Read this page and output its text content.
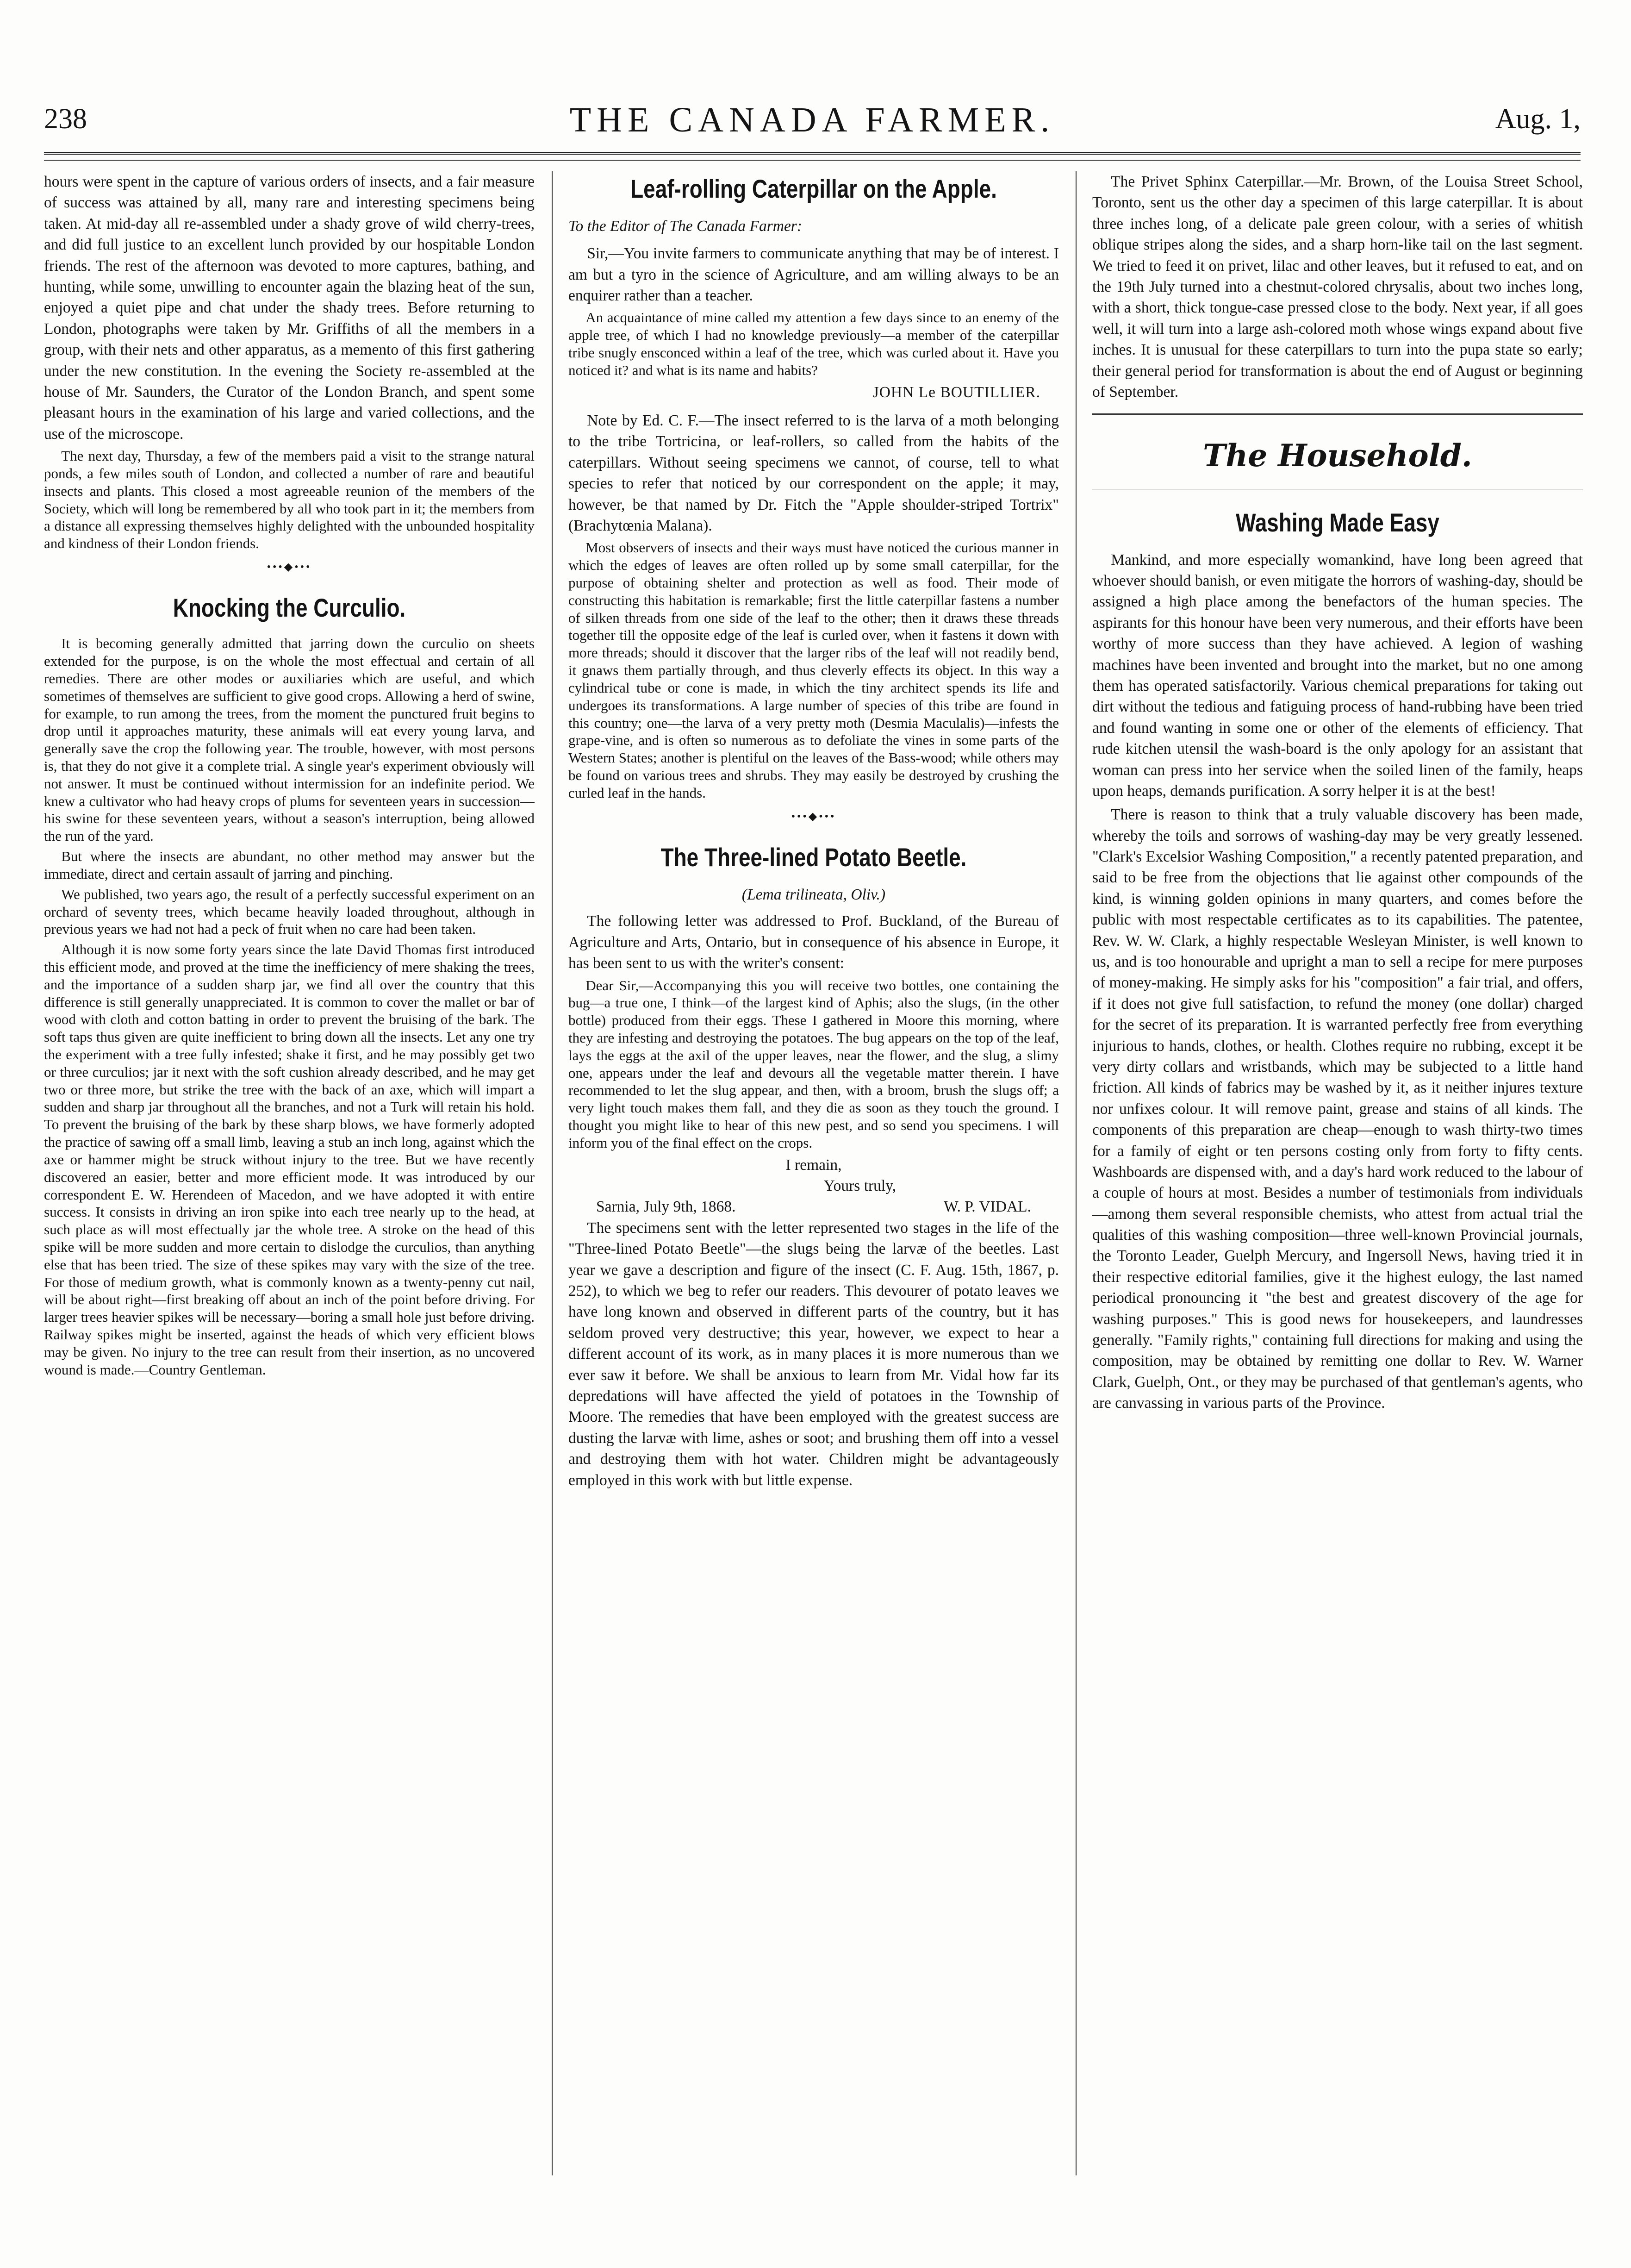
238	THE CANADA FARMER.	Aug. 1,

hours were spent in the capture of various orders of insects, and a fair measure of success was attained by all, many rare and interesting specimens being taken. At mid-day all re-assembled under a shady grove of wild cherry-trees, and did full justice to an excellent lunch provided by our hospitable London friends. The rest of the afternoon was devoted to more captures, bathing, and hunting, while some, unwilling to encounter again the blazing heat of the sun, enjoyed a quiet pipe and chat under the shady trees. Before returning to London, photographs were taken by Mr. Griffiths of all the members in a group, with their nets and other apparatus, as a memento of this first gathering under the new constitution. In the evening the Society re-assembled at the house of Mr. Saunders, the Curator of the London Branch, and spent some pleasant hours in the examination of his large and varied collections, and the use of the microscope.

The next day, Thursday, a few of the members paid a visit to the strange natural ponds, a few miles south of London, and collected a number of rare and beautiful insects and plants. This closed a most agreeable reunion of the members of the Society, which will long be remembered by all who took part in it; the members from a distance all expressing themselves highly delighted with the unbounded hospitality and kindness of their London friends.

•••◆•••
Knocking the Curculio.

It is becoming generally admitted that jarring down the curculio on sheets extended for the purpose, is on the whole the most effectual and certain of all remedies. There are other modes or auxiliaries which are useful, and which sometimes of themselves are sufficient to give good crops. Allowing a herd of swine, for example, to run among the trees, from the moment the punctured fruit begins to drop until it approaches maturity, these animals will eat every young larva, and generally save the crop the following year. The trouble, however, with most persons is, that they do not give it a complete trial. A single year's experiment obviously will not answer. It must be continued without intermission for an indefinite period. We knew a cultivator who had heavy crops of plums for seventeen years in succession—his swine for these seventeen years, without a season's interruption, being allowed the run of the yard.

But where the insects are abundant, no other method may answer but the immediate, direct and certain assault of jarring and pinching.

We published, two years ago, the result of a perfectly successful experiment on an orchard of seventy trees, which became heavily loaded throughout, although in previous years we had not had a peck of fruit when no care had been taken.

Although it is now some forty years since the late David Thomas first introduced this efficient mode, and proved at the time the inefficiency of mere shaking the trees, and the importance of a sudden sharp jar, we find all over the country that this difference is still generally unappreciated. It is common to cover the mallet or bar of wood with cloth and cotton batting in order to prevent the bruising of the bark. The soft taps thus given are quite inefficient to bring down all the insects. Let any one try the experiment with a tree fully infested; shake it first, and he may possibly get two or three curculios; jar it next with the soft cushion already described, and he may get two or three more, but strike the tree with the back of an axe, which will impart a sudden and sharp jar throughout all the branches, and not a Turk will retain his hold. To prevent the bruising of the bark by these sharp blows, we have formerly adopted the practice of sawing off a small limb, leaving a stub an inch long, against which the axe or hammer might be struck without injury to the tree. But we have recently discovered an easier, better and more efficient mode. It was introduced by our correspondent E. W. Herendeen of Macedon, and we have adopted it with entire success. It consists in driving an iron spike into each tree nearly up to the head, at such place as will most effectually jar the whole tree. A stroke on the head of this spike will be more sudden and more certain to dislodge the curculios, than anything else that has been tried. The size of these spikes may vary with the size of the tree. For those of medium growth, what is commonly known as a twenty-penny cut nail, will be about right—first breaking off about an inch of the point before driving. For larger trees heavier spikes will be necessary—boring a small hole just before driving. Railway spikes might be inserted, against the heads of which very efficient blows may be given. No injury to the tree can result from their insertion, as no uncovered wound is made.—Country Gentleman.

Leaf-rolling Caterpillar on the Apple.
To the Editor of The Canada Farmer:

Sir,—You invite farmers to communicate anything that may be of interest. I am but a tyro in the science of Agriculture, and am willing always to be an enquirer rather than a teacher.

An acquaintance of mine called my attention a few days since to an enemy of the apple tree, of which I had no knowledge previously—a member of the caterpillar tribe snugly ensconced within a leaf of the tree, which was curled about it. Have you noticed it? and what is its name and habits?

JOHN Le BOUTILLIER.

Note by Ed. C. F.—The insect referred to is the larva of a moth belonging to the tribe Tortricina, or leaf-rollers, so called from the habits of the caterpillars. Without seeing specimens we cannot, of course, tell to what species to refer that noticed by our correspondent on the apple; it may, however, be that named by Dr. Fitch the "Apple shoulder-striped Tortrix" (Brachytœnia Malana).

Most observers of insects and their ways must have noticed the curious manner in which the edges of leaves are often rolled up by some small caterpillar, for the purpose of obtaining shelter and protection as well as food. Their mode of constructing this habitation is remarkable; first the little caterpillar fastens a number of silken threads from one side of the leaf to the other; then it draws these threads together till the opposite edge of the leaf is curled over, when it fastens it down with more threads; should it discover that the larger ribs of the leaf will not readily bend, it gnaws them partially through, and thus cleverly effects its object. In this way a cylindrical tube or cone is made, in which the tiny architect spends its life and undergoes its transformations. A large number of species of this tribe are found in this country; one—the larva of a very pretty moth (Desmia Maculalis)—infests the grape-vine, and is often so numerous as to defoliate the vines in some parts of the Western States; another is plentiful on the leaves of the Bass-wood; while others may be found on various trees and shrubs. They may easily be destroyed by crushing the curled leaf in the hands.

•••◆•••
The Three-lined Potato Beetle.
(Lema trilineata, Oliv.)

The following letter was addressed to Prof. Buckland, of the Bureau of Agriculture and Arts, Ontario, but in consequence of his absence in Europe, it has been sent to us with the writer's consent:

Dear Sir,—Accompanying this you will receive two bottles, one containing the bug—a true one, I think—of the largest kind of Aphis; also the slugs, (in the other bottle) produced from their eggs. These I gathered in Moore this morning, where they are infesting and destroying the potatoes. The bug appears on the top of the leaf, lays the eggs at the axil of the upper leaves, near the flower, and the slug, a slimy one, appears under the leaf and devours all the vegetable matter therein. I have recommended to let the slug appear, and then, with a broom, brush the slugs off; a very light touch makes them fall, and they die as soon as they touch the ground. I thought you might like to hear of this new pest, and so send you specimens. I will inform you of the final effect on the crops.

I remain,
Yours truly,
Sarnia, July 9th, 1868.	W. P. VIDAL.

The specimens sent with the letter represented two stages in the life of the "Three-lined Potato Beetle"—the slugs being the larvæ of the beetles. Last year we gave a description and figure of the insect (C. F. Aug. 15th, 1867, p. 252), to which we beg to refer our readers. This devourer of potato leaves we have long known and observed in different parts of the country, but it has seldom proved very destructive; this year, however, we expect to hear a different account of its work, as in many places it is more numerous than we ever saw it before. We shall be anxious to learn from Mr. Vidal how far its depredations will have affected the yield of potatoes in the Township of Moore. The remedies that have been employed with the greatest success are dusting the larvæ with lime, ashes or soot; and brushing them off into a vessel and destroying them with hot water. Children might be advantageously employed in this work with but little expense.

The Privet Sphinx Caterpillar.—Mr. Brown, of the Louisa Street School, Toronto, sent us the other day a specimen of this large caterpillar. It is about three inches long, of a delicate pale green colour, with a series of whitish oblique stripes along the sides, and a sharp horn-like tail on the last segment. We tried to feed it on privet, lilac and other leaves, but it refused to eat, and on the 19th July turned into a chestnut-colored chrysalis, about two inches long, with a short, thick tongue-case pressed close to the body. Next year, if all goes well, it will turn into a large ash-colored moth whose wings expand about five inches. It is unusual for these caterpillars to turn into the pupa state so early; their general period for transformation is about the end of August or beginning of September.

The Household.
Washing Made Easy

Mankind, and more especially womankind, have long been agreed that whoever should banish, or even mitigate the horrors of washing-day, should be assigned a high place among the benefactors of the human species. The aspirants for this honour have been very numerous, and their efforts have been worthy of more success than they have achieved. A legion of washing machines have been invented and brought into the market, but no one among them has operated satisfactorily. Various chemical preparations for taking out dirt without the tedious and fatiguing process of hand-rubbing have been tried and found wanting in some one or other of the elements of efficiency. That rude kitchen utensil the wash-board is the only apology for an assistant that woman can press into her service when the soiled linen of the family, heaps upon heaps, demands purification. A sorry helper it is at the best!

There is reason to think that a truly valuable discovery has been made, whereby the toils and sorrows of washing-day may be very greatly lessened. "Clark's Excelsior Washing Composition," a recently patented preparation, and said to be free from the objections that lie against other compounds of the kind, is winning golden opinions in many quarters, and comes before the public with most respectable certificates as to its capabilities. The patentee, Rev. W. W. Clark, a highly respectable Wesleyan Minister, is well known to us, and is too honourable and upright a man to sell a recipe for mere purposes of money-making. He simply asks for his "composition" a fair trial, and offers, if it does not give full satisfaction, to refund the money (one dollar) charged for the secret of its preparation. It is warranted perfectly free from everything injurious to hands, clothes, or health. Clothes require no rubbing, except it be very dirty collars and wristbands, which may be subjected to a little hand friction. All kinds of fabrics may be washed by it, as it neither injures texture nor unfixes colour. It will remove paint, grease and stains of all kinds. The components of this preparation are cheap—enough to wash thirty-two times for a family of eight or ten persons costing only from forty to fifty cents. Washboards are dispensed with, and a day's hard work reduced to the labour of a couple of hours at most. Besides a number of testimonials from individuals—among them several responsible chemists, who attest from actual trial the qualities of this washing composition—three well-known Provincial journals, the Toronto Leader, Guelph Mercury, and Ingersoll News, having tried it in their respective editorial families, give it the highest eulogy, the last named periodical pronouncing it "the best and greatest discovery of the age for washing purposes." This is good news for housekeepers, and laundresses generally. "Family rights," containing full directions for making and using the composition, may be obtained by remitting one dollar to Rev. W. Warner Clark, Guelph, Ont., or they may be purchased of that gentleman's agents, who are canvassing in various parts of the Province.
